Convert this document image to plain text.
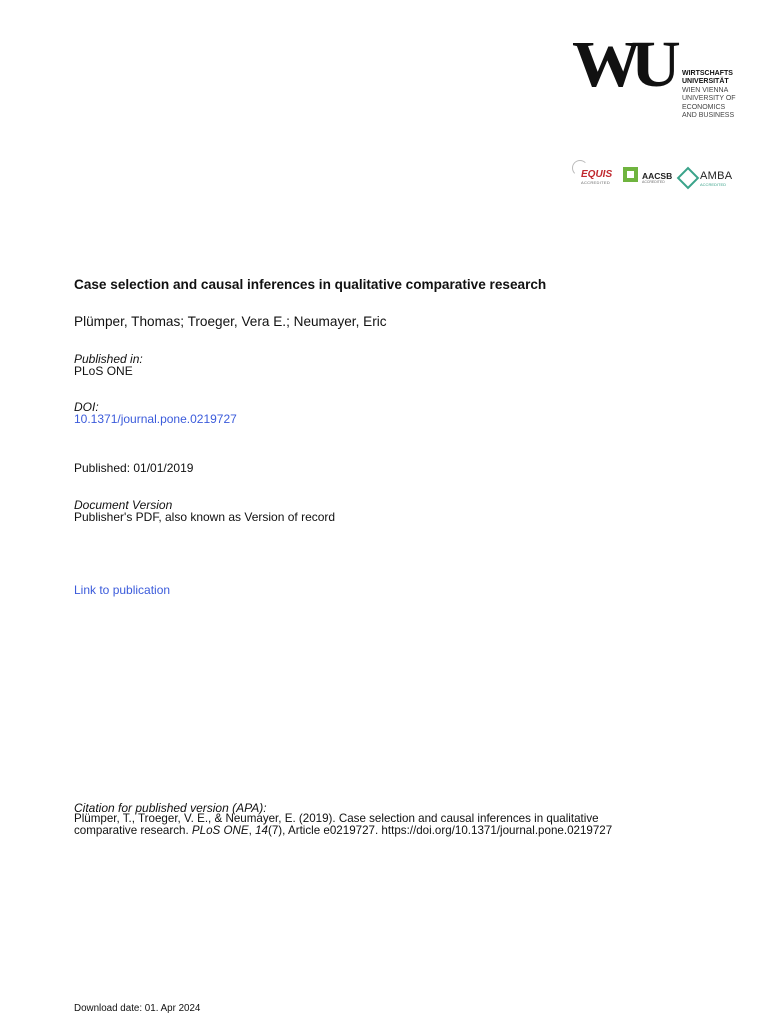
WU WIRTSCHAFTS
UNIVERSITÄT
WIEN VIENNA
UNIVERSITY OF
ECONOMICS
AND BUSINESS
EQUIS
ACCREDITED
AACSB
ACCREDITED	AMBA
ACCREDITED
Case selection and causal inferences in qualitative comparative research
Plümper, Thomas; Troeger, Vera E.; Neumayer, Eric
Published in:
PLoS ONE
DOI:
10.1371/journal.pone.0219727
Published: 01/01/2019
Document Version
Publisher's PDF, also known as Version of record
Link to publication
Citation for published version (APA):
Plümper, T., Troeger, V. E., & Neumayer, E. (2019). Case selection and causal inferences in qualitative
comparative research. PLoS ONE, 14(7), Article e0219727. https://doi.org/10.1371/journal.pone.0219727
Download date: 01. Apr 2024
